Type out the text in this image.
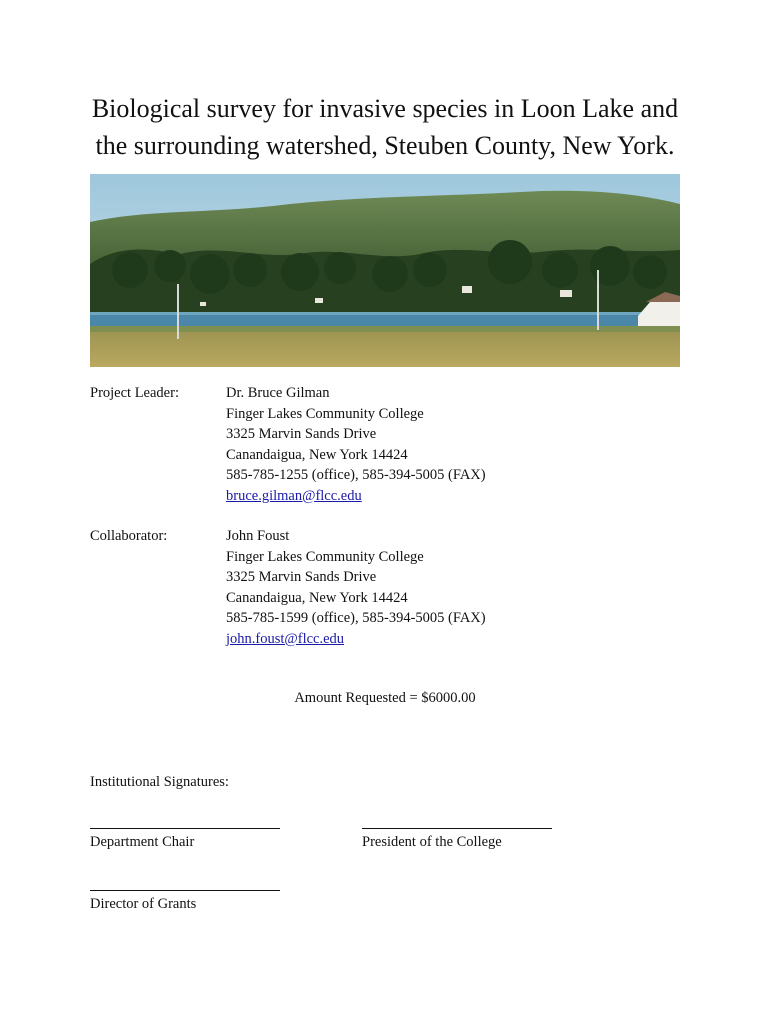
Biological survey for invasive species in Loon Lake and
the surrounding watershed, Steuben County, New York.
Project Leader:	Dr. Bruce Gilman
Finger Lakes Community College
3325 Marvin Sands Drive
Canandaigua, New York 14424
585-785-1255 (office), 585-394-5005 (FAX)
bruce.gilman@flcc.edu
Collaborator:	John Foust
Finger Lakes Community College
3325 Marvin Sands Drive
Canandaigua, New York 14424
585-785-1599 (office), 585-394-5005 (FAX)
john.foust@flcc.edu
Amount Requested = $6000.00
Institutional Signatures:
Department Chair	President of the College
Director of Grants
